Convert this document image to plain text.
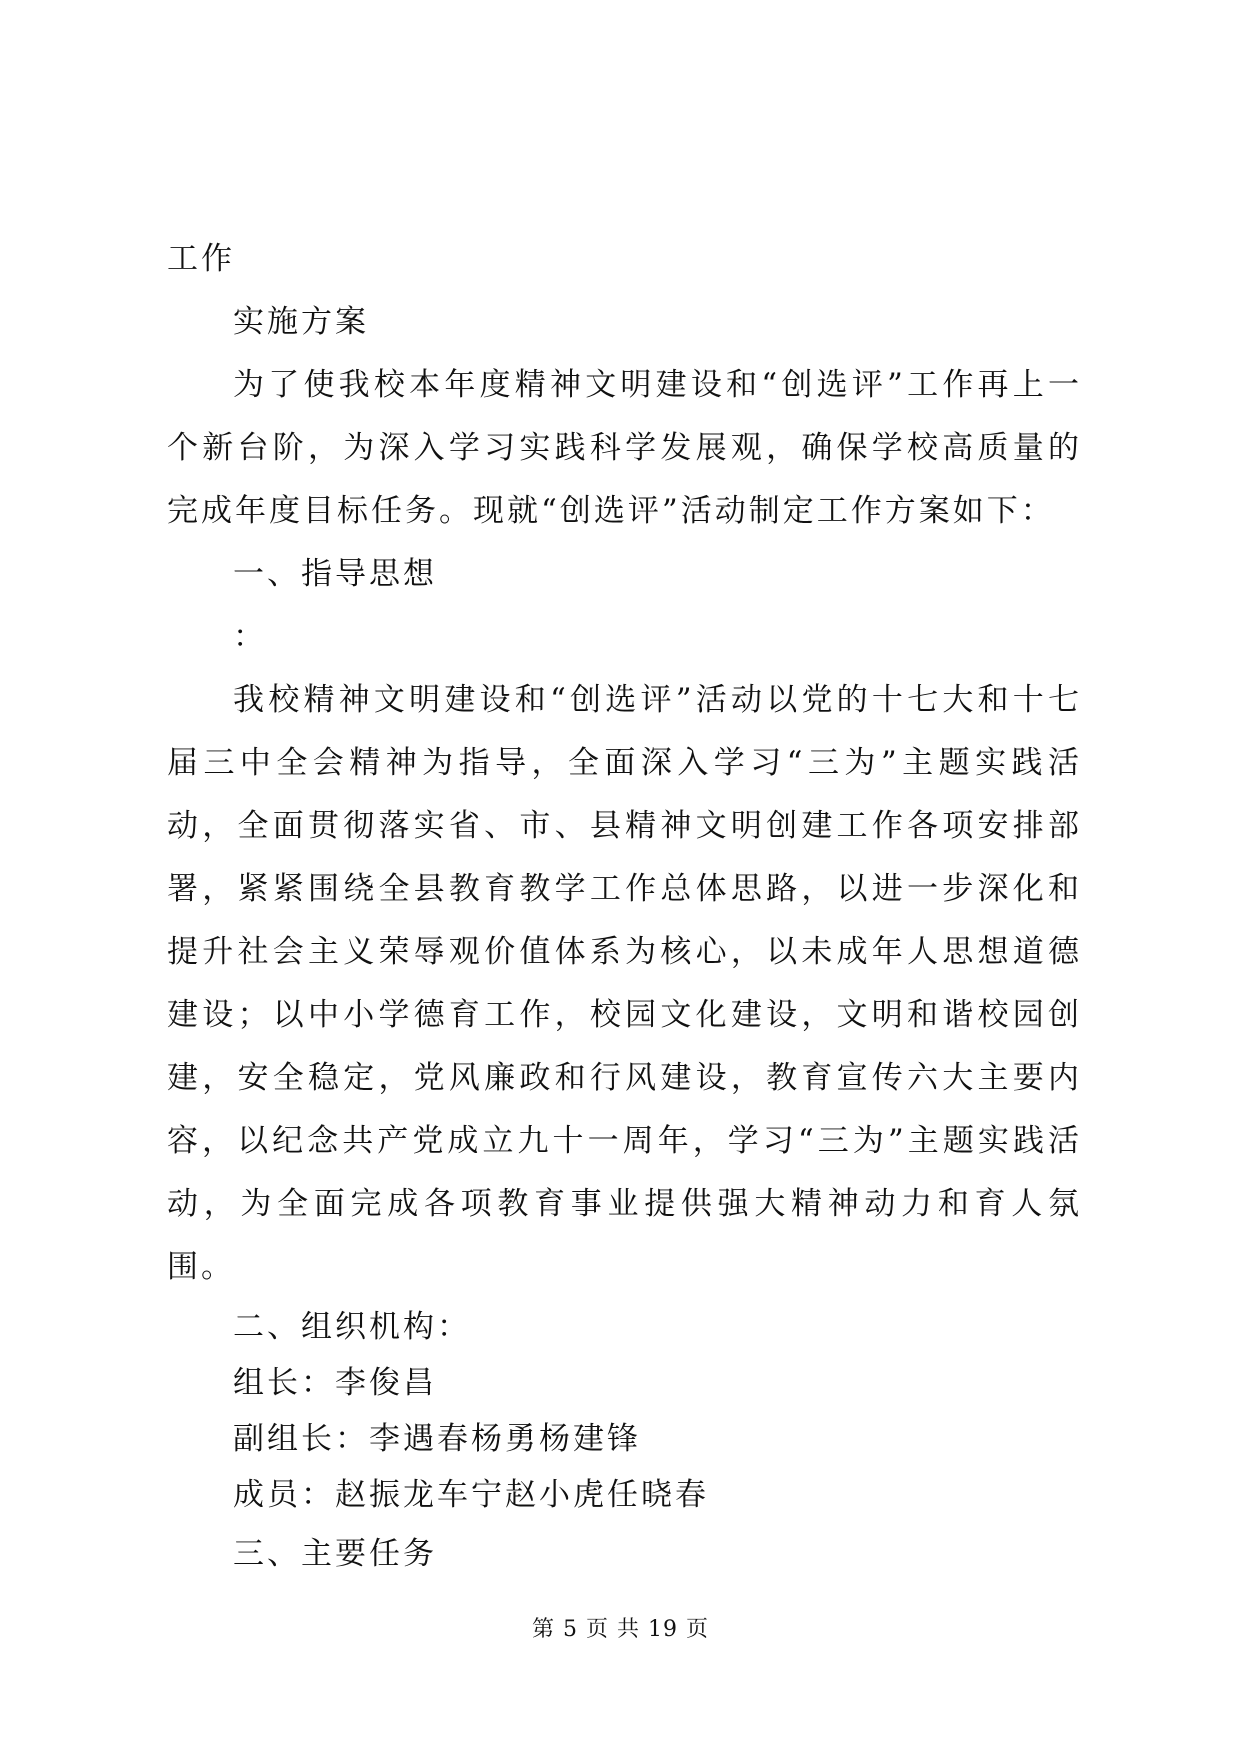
工作
实施方案

为了使我校本年度精神文明建设和“创选评”工作再上一个新台阶，为深入学习实践科学发展观，确保学校高质量的完成年度目标任务。现就“创选评”活动制定工作方案如下：

一、指导思想
：

我校精神文明建设和“创选评”活动以党的十七大和十七届三中全会精神为指导，全面深入学习“三为”主题实践活动，全面贯彻落实省、市、县精神文明创建工作各项安排部署，紧紧围绕全县教育教学工作总体思路，以进一步深化和提升社会主义荣辱观价值体系为核心，以未成年人思想道德建设；以中小学德育工作，校园文化建设，文明和谐校园创建，安全稳定，党风廉政和行风建设，教育宣传六大主要内容，以纪念共产党成立九十一周年，学习“三为”主题实践活动，为全面完成各项教育事业提供强大精神动力和育人氛围。

二、组织机构：
组长：李俊昌
副组长：李遇春杨勇杨建锋
成员：赵振龙车宁赵小虎任晓春
三、主要任务
第 5 页 共 19 页
